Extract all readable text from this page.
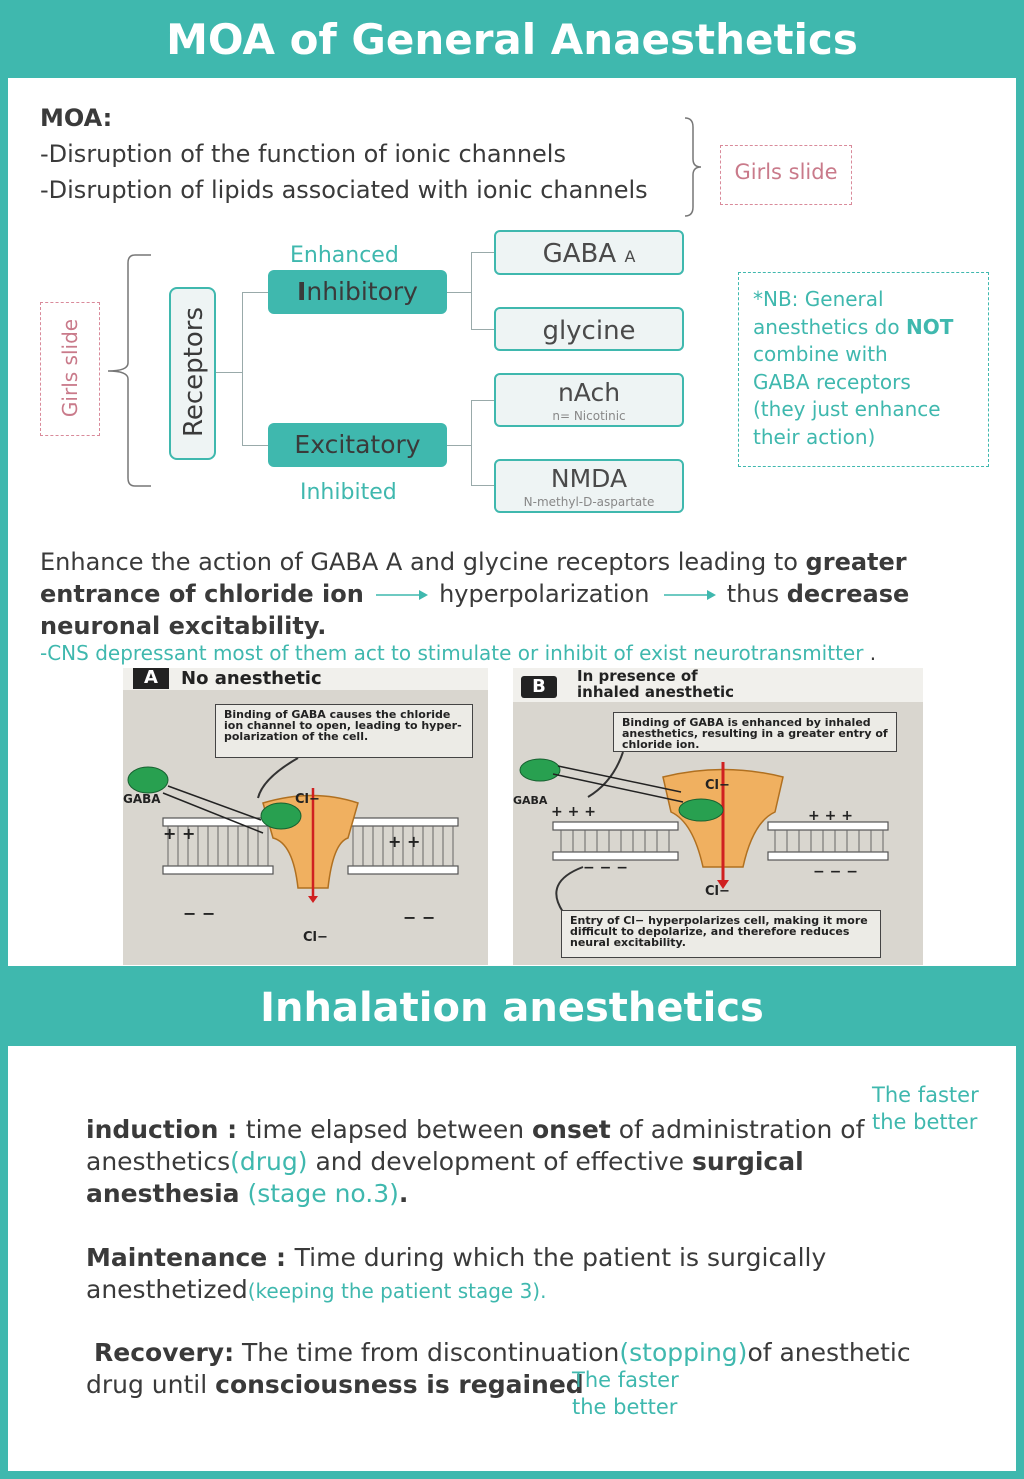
MOA of General Anaesthetics
MOA:
-Disruption of the function of ionic channels
-Disruption of lipids associated with ionic channels
Girls slide
Girls slide	Receptors
Enhanced
Inhibitory
Excitatory
Inhibited
GABA A
glycine
nAch
n= Nicotinic
NMDA
N-methyl-D-aspartate
*NB: General
anesthetics do NOT
combine with
GABA receptors
(they just enhance
their action)
Enhance the action of GABA A and glycine receptors leading to greater
entrance of chloride ion	hyperpolarization	thus decrease
neuronal excitability.
-CNS depressant most of them act to stimulate or inhibit of exist neurotransmitter .
A	No anesthetic
Binding of GABA causes the chloride ion channel to open, leading to hyper-polarization of the cell.
GABA	Cl−
Cl−
+ +	+ +
− −	− −
B	In presence of
inhaled anesthetic
Binding of GABA is enhanced by inhaled anesthetics, resulting in a greater entry of chloride ion.
GABA
Cl−
Cl−
+ + +	+ + +
− − −	− − −
Entry of Cl− hyperpolarizes cell, making it more difficult to depolarize, and therefore reduces neural excitability.
Inhalation anesthetics
The faster
the better
induction : time elapsed between onset of administration of
anesthetics(drug) and development of effective surgical
anesthesia (stage no.3).
Maintenance : Time during which the patient is surgically
anesthetized(keeping the patient stage 3).
Recovery: The time from discontinuation(stopping)of anesthetic
drug until consciousness is regained
The faster
the better
